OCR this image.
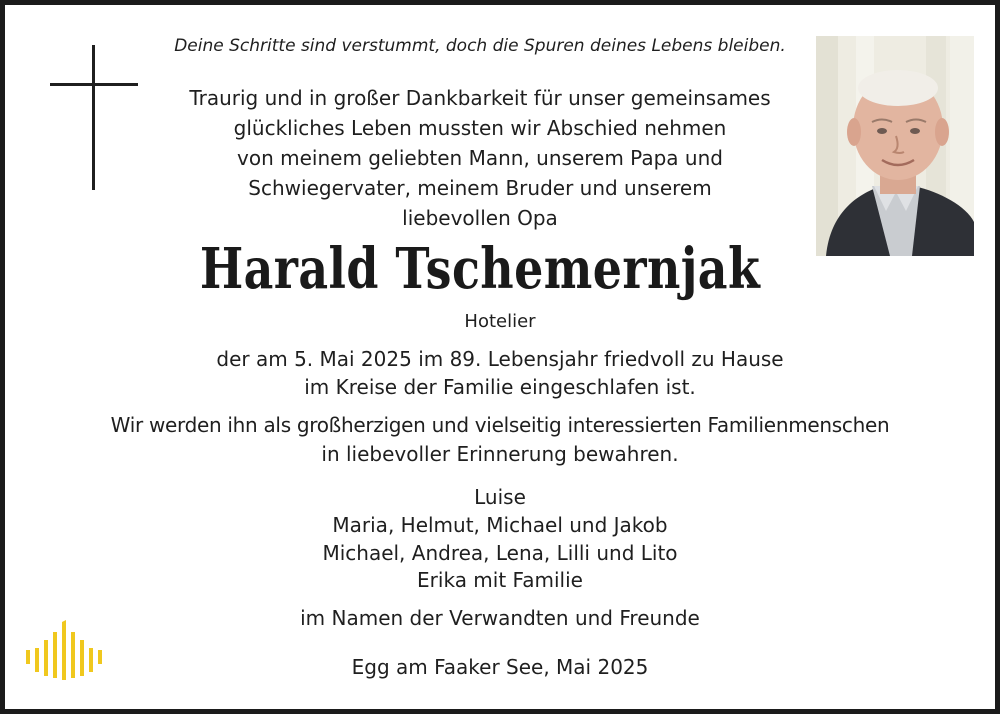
Deine Schritte sind verstummt, doch die Spuren deines Lebens bleiben.
Traurig und in großer Dankbarkeit für unser gemeinsames
glückliches Leben mussten wir Abschied nehmen
von meinem geliebten Mann, unserem Papa und
Schwiegervater, meinem Bruder und unserem
liebevollen Opa
Harald Tschemernjak
Hotelier
der am 5. Mai 2025 im 89. Lebensjahr friedvoll zu Hause
im Kreise der Familie eingeschlafen ist.
Wir werden ihn als großherzigen und vielseitig interessierten Familienmenschen
in liebevoller Erinnerung bewahren.
Luise
Maria, Helmut, Michael und Jakob
Michael, Andrea, Lena, Lilli und Lito
Erika mit Familie
im Namen der Verwandten und Freunde
Egg am Faaker See, Mai 2025
